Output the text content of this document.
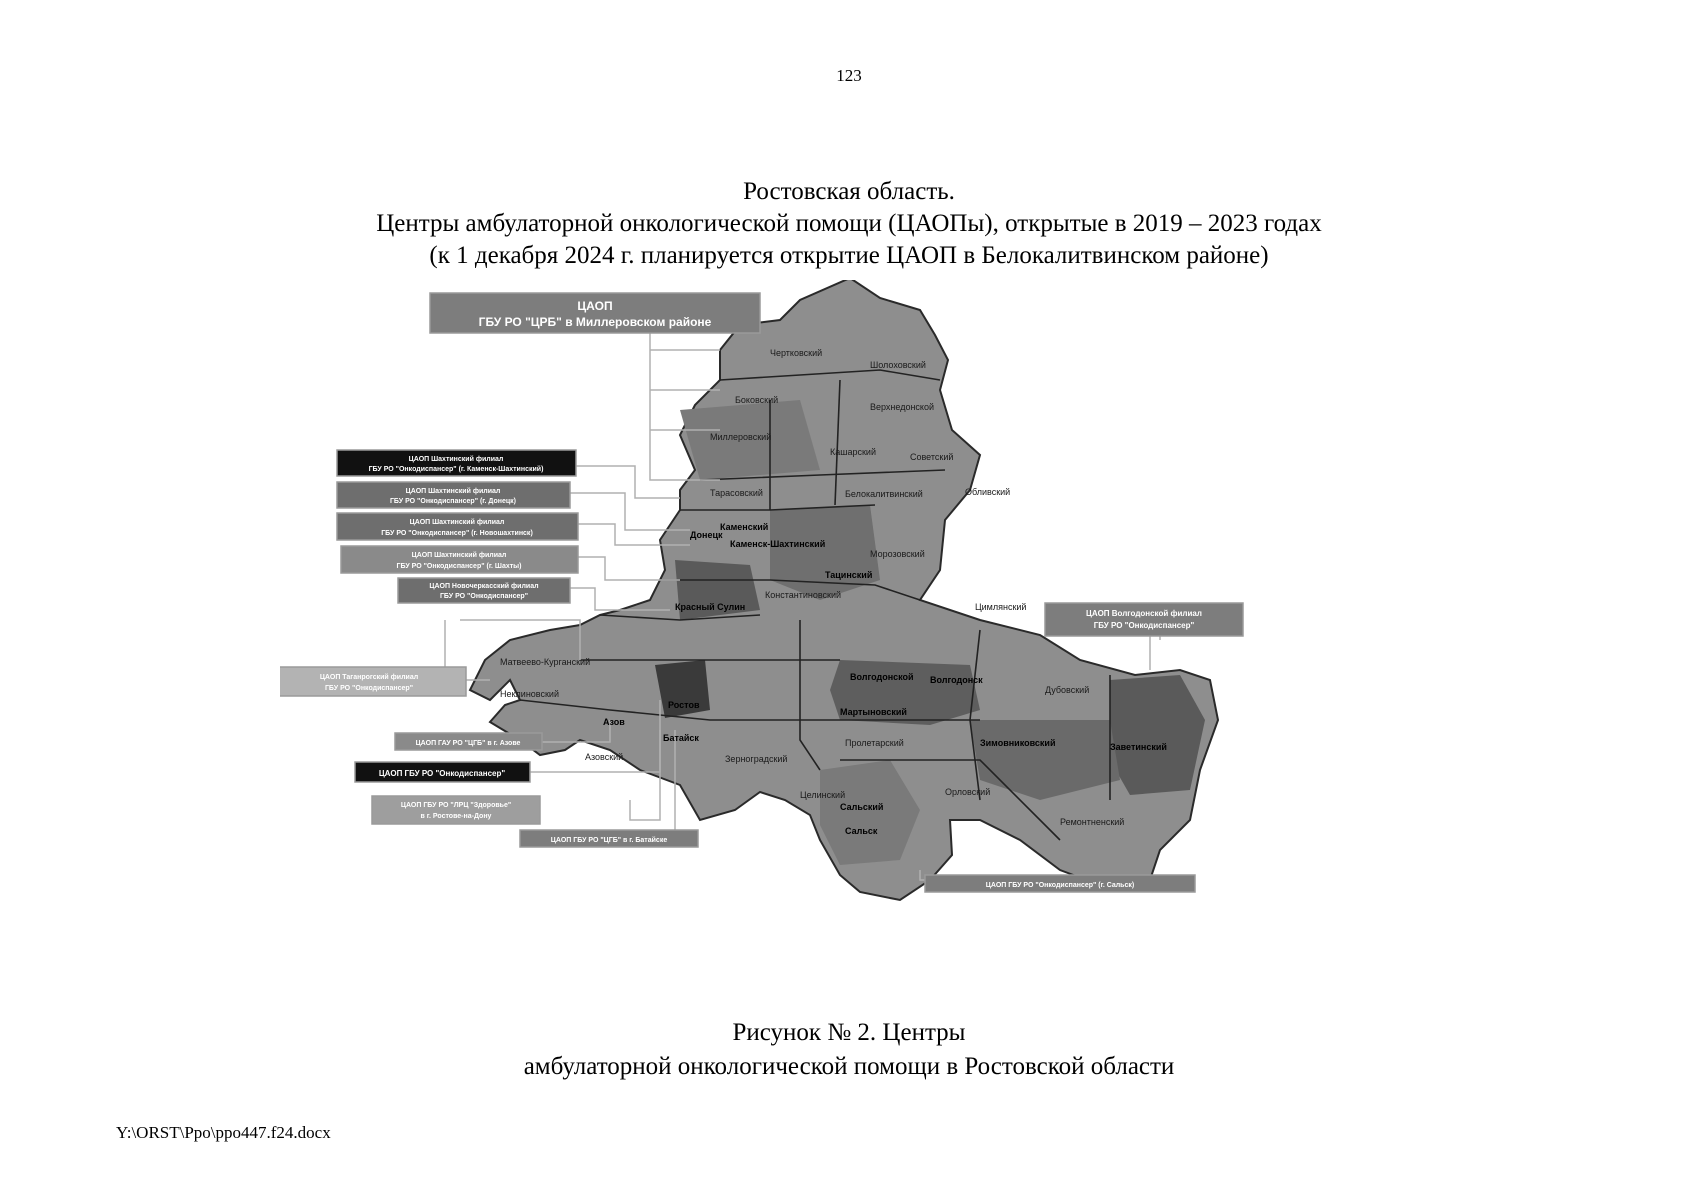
123
Ростовская область.
Центры амбулаторной онкологической помощи (ЦАОПы), открытые в 2019 – 2023 годах
(к 1 декабря 2024 г. планируется открытие ЦАОП в Белокалитвинском районе)
ЦАОП
ГБУ РО "ЦРБ" в Миллеровском районе
ЦАОП Шахтинский филиал
ГБУ РО "Онкодиспансер" (г. Каменск-Шахтинский)
ЦАОП Шахтинский филиал
ГБУ РО "Онкодиспансер" (г. Донецк)
ЦАОП Шахтинский филиал
ГБУ РО "Онкодиспансер" (г. Новошахтинск)
ЦАОП Шахтинский филиал
ГБУ РО "Онкодиспансер" (г. Шахты)
ЦАОП Новочеркасский филиал
ГБУ РО "Онкодиспансер"
ЦАОП Таганрогский филиал
ГБУ РО "Онкодиспансер"
ЦАОП ГАУ РО "ЦГБ" в г. Азове
ЦАОП ГБУ РО "Онкодиспансер"
ЦАОП ГБУ РО "ЛРЦ "Здоровье"
в г. Ростове-на-Дону
ЦАОП ГБУ РО "ЦГБ" в г. Батайске
ЦАОП Волгодонской филиал
ГБУ РО "Онкодиспансер"
ЦАОП ГБУ РО "Онкодиспансер" (г. Сальск)
Чертковский
Шолоховский
Верхнедонской
Боковский
Миллеровский
Кашарский	Советский
Тарасовский	Белокалитвинский	Обливский
Донецк
Каменский
Каменск-Шахтинский
Морозовский
Тацинский
Красный Сулин
Константиновский
Цимлянский
Волгодонской Волгодонск
Дубовский
Матвеево-Курганский
Неклиновский
Мартыновский
Азов
Ростов
Батайск
Азовский	Зерноградский
Пролетарский	Зимовниковский	Заветинский
Целинский
Сальский
Сальск
Орловский
Ремонтненский
Рисунок № 2. Центры
амбулаторной онкологической помощи в Ростовской области
Y:\ORST\Ppo\ppo447.f24.docx
